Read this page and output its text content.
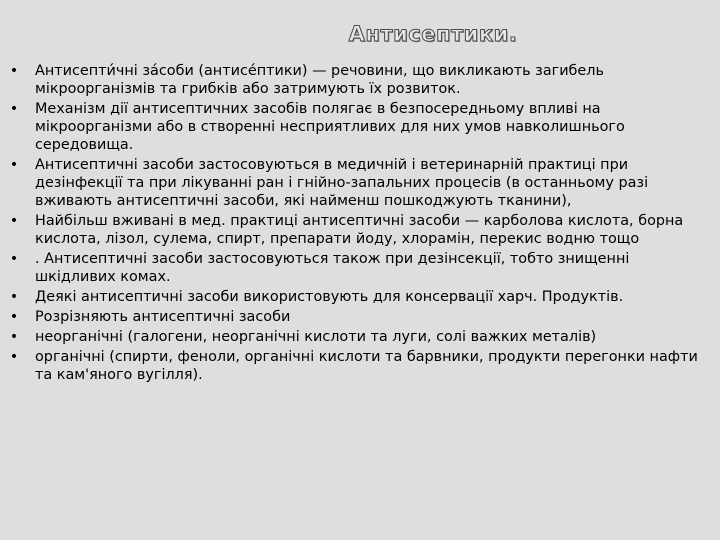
Антисептики.
• Антисепти́чні за́соби (антисе́птики) — речовини, що викликають загибель мікроорганізмів та грибків або затримують їх розвиток.
• Механізм дії антисептичних засобів полягає в безпосередньому впливі на мікроорганізми або в створенні несприятливих для них умов навколишнього середовища.
• Антисептичні засоби застосовуються в медичній і ветеринарній практиці при дезінфекції та при лікуванні ран і гнійно-запальних процесів (в останньому разі вживають антисептичні засоби, які найменш пошкоджують тканини),
• Найбільш вживані в мед. практиці антисептичні засоби — карболова кислота, борна кислота, лізол, сулема, спирт, препарати йоду, хлорамін, перекис водню тощо
• . Антисептичні засоби застосовуються також при дезінсекції, тобто знищенні шкідливих комах.
• Деякі антисептичні засоби використовують для консервації харч. Продуктів.
• Розрізняють антисептичні засоби
• неорганічні (галогени, неорганічні кислоти та луги, солі важких металів)
• органічні (спирти, феноли, органічні кислоти та барвники, продукти перегонки нафти та кам'яного вугілля).
